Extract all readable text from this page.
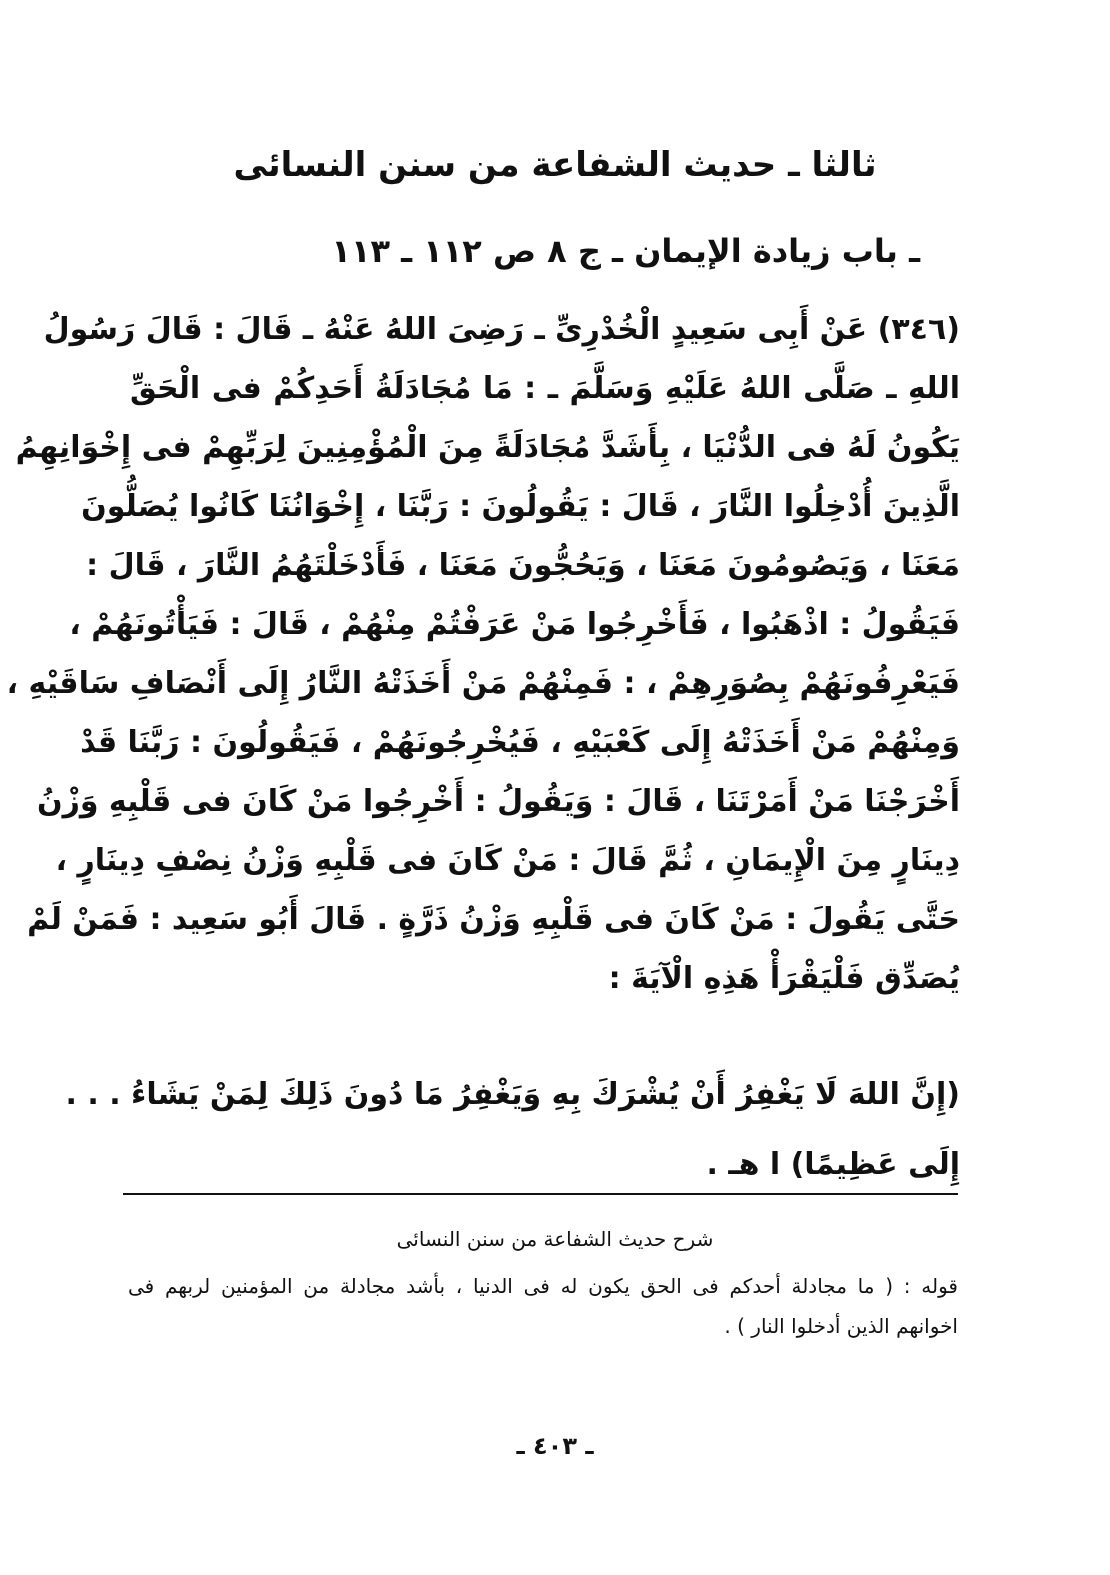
ثالثا ـ حديث الشفاعة من سنن النسائى
ـ باب زيادة الإيمان ـ ج ٨ ص ١١٢ ـ ١١٣
(٣٤٦) عَنْ أَبِى سَعِيدٍ الْخُدْرِىِّ ـ رَضِىَ اللهُ عَنْهُ ـ قَالَ : قَالَ رَسُولُ
اللهِ ـ صَلَّى اللهُ عَلَيْهِ وَسَلَّمَ ـ : مَا مُجَادَلَةُ أَحَدِكُمْ فى الْحَقِّ
يَكُونُ لَهُ فى الدُّنْيَا ، بِأَشَدَّ مُجَادَلَةً مِنَ الْمُؤْمِنِينَ لِرَبِّهِمْ فى إِخْوَانِهِمُ
الَّذِينَ أُدْخِلُوا النَّارَ ، قَالَ : يَقُولُونَ : رَبَّنَا ، إِخْوَانُنَا كَانُوا يُصَلُّونَ
مَعَنَا ، وَيَصُومُونَ مَعَنَا ، وَيَحُجُّونَ مَعَنَا ، فَأَدْخَلْتَهُمُ النَّارَ ، قَالَ :
فَيَقُولُ : اذْهَبُوا ، فَأَخْرِجُوا مَنْ عَرَفْتُمْ مِنْهُمْ ، قَالَ : فَيَأْتُونَهُمْ ،
فَيَعْرِفُونَهُمْ بِصُوَرِهِمْ ، : فَمِنْهُمْ مَنْ أَخَذَتْهُ النَّارُ إِلَى أَنْصَافِ سَاقَيْهِ ،
وَمِنْهُمْ مَنْ أَخَذَتْهُ إِلَى كَعْبَيْهِ ، فَيُخْرِجُونَهُمْ ، فَيَقُولُونَ : رَبَّنَا قَدْ
أَخْرَجْنَا مَنْ أَمَرْتَنَا ، قَالَ : وَيَقُولُ : أَخْرِجُوا مَنْ كَانَ فى قَلْبِهِ وَزْنُ
دِينَارٍ مِنَ الْإِيمَانِ ، ثُمَّ قَالَ : مَنْ كَانَ فى قَلْبِهِ وَزْنُ نِصْفِ دِينَارٍ ،
حَتَّى يَقُولَ : مَنْ كَانَ فى قَلْبِهِ وَزْنُ ذَرَّةٍ . قَالَ أَبُو سَعِيد : فَمَنْ لَمْ
يُصَدِّق فَلْيَقْرَأْ هَذِهِ الْآيَةَ :
(إِنَّ اللهَ لَا يَغْفِرُ أَنْ يُشْرَكَ بِهِ وَيَغْفِرُ مَا دُونَ ذَلِكَ لِمَنْ يَشَاءُ . . .
إِلَى عَظِيمًا) ا هـ .

شرح حديث الشفاعة من سنن النسائى

قوله : ( ما مجادلة أحدكم فى الحق يكون له فى الدنيا ، بأشد مجادلة من المؤمنين لربهم فى
اخوانهم الذين أدخلوا النار ) .

ـ ٤٠٣ ـ
